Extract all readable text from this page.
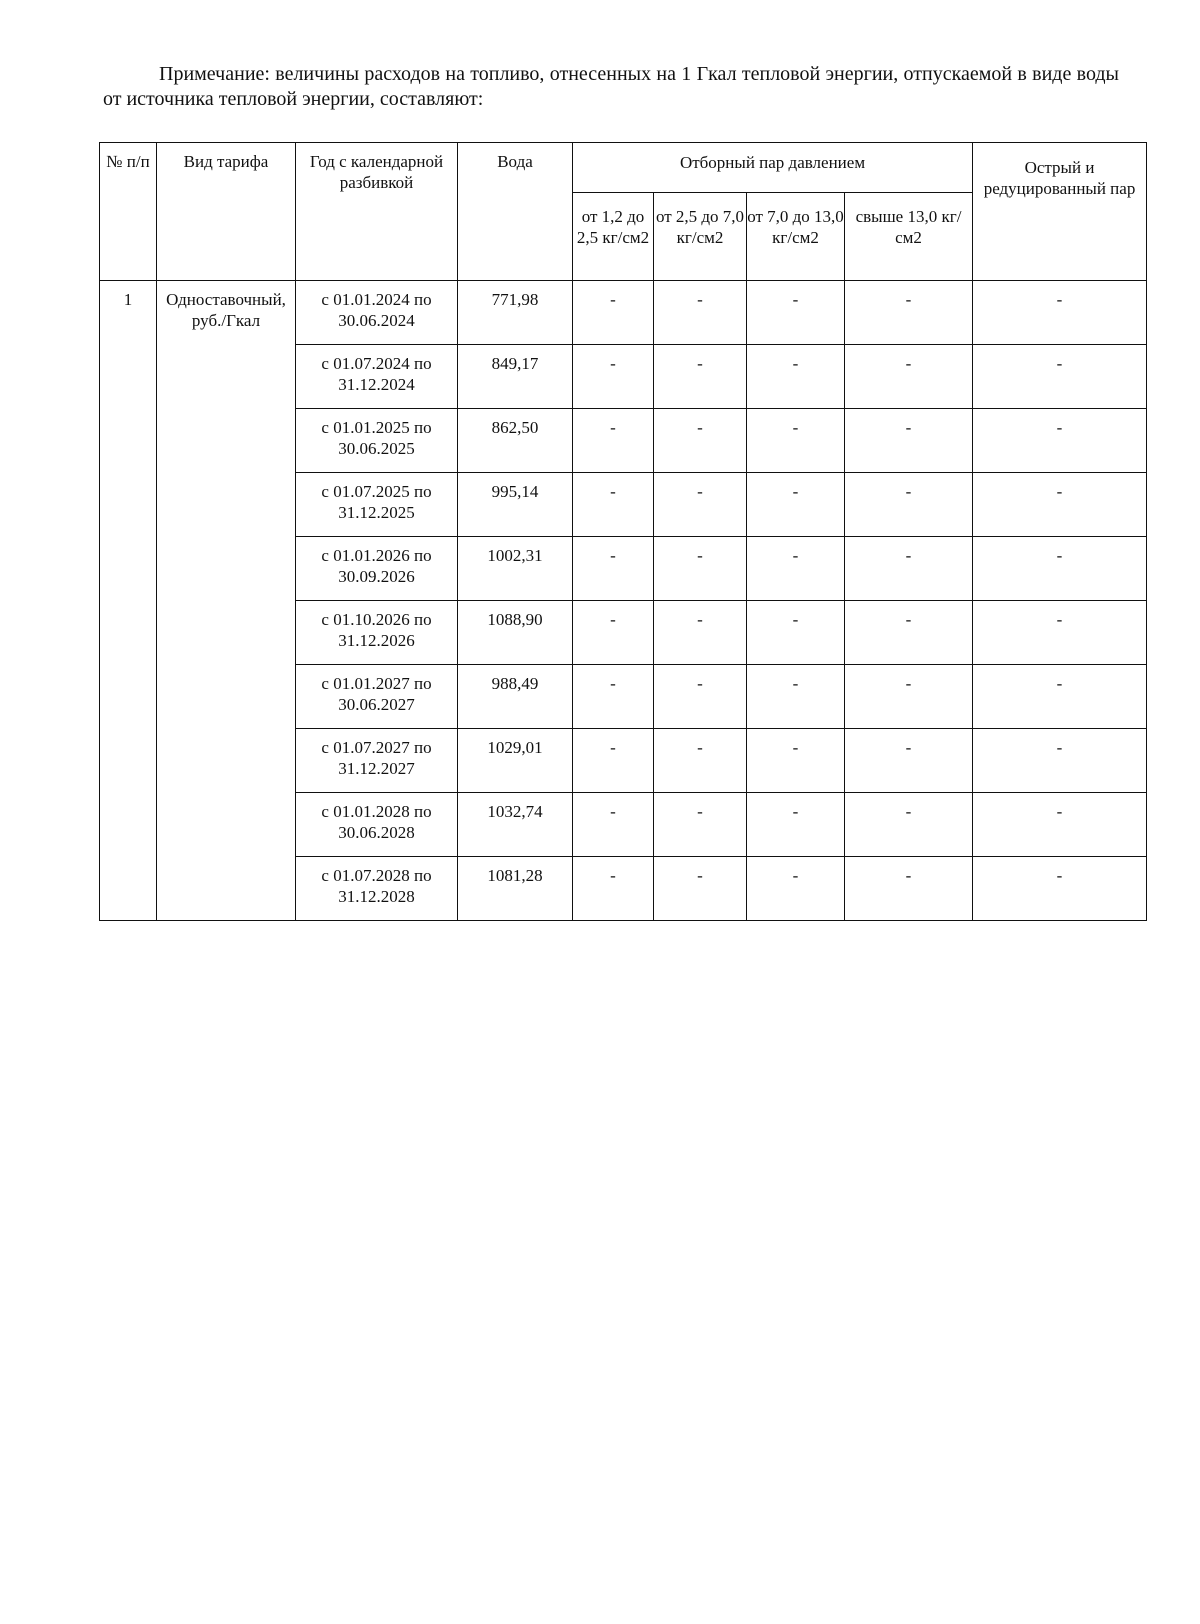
Примечание: величины расходов на топливо, отнесенных на 1 Гкал тепловой энергии, отпускаемой в виде воды от источника тепловой энергии, составляют:

№ п/п	Вид тарифа	Год с календарной разбивкой	Вода	Отборный пар давлением				Острый и редуцированный пар
				от 1,2 до 2,5 кг/см2	от 2,5 до 7,0 кг/см2	от 7,0 до 13,0 кг/см2	свыше 13,0 кг/см2	
1	Одноставочный, руб./Гкал	с 01.01.2024 по 30.06.2024	771,98	-	-	-	-	-
		с 01.07.2024 по 31.12.2024	849,17	-	-	-	-	-
		с 01.01.2025 по 30.06.2025	862,50	-	-	-	-	-
		с 01.07.2025 по 31.12.2025	995,14	-	-	-	-	-
		с 01.01.2026 по 30.09.2026	1002,31	-	-	-	-	-
		с 01.10.2026 по 31.12.2026	1088,90	-	-	-	-	-
		с 01.01.2027 по 30.06.2027	988,49	-	-	-	-	-
		с 01.07.2027 по 31.12.2027	1029,01	-	-	-	-	-
		с 01.01.2028 по 30.06.2028	1032,74	-	-	-	-	-
		с 01.07.2028 по 31.12.2028	1081,28	-	-	-	-	-
